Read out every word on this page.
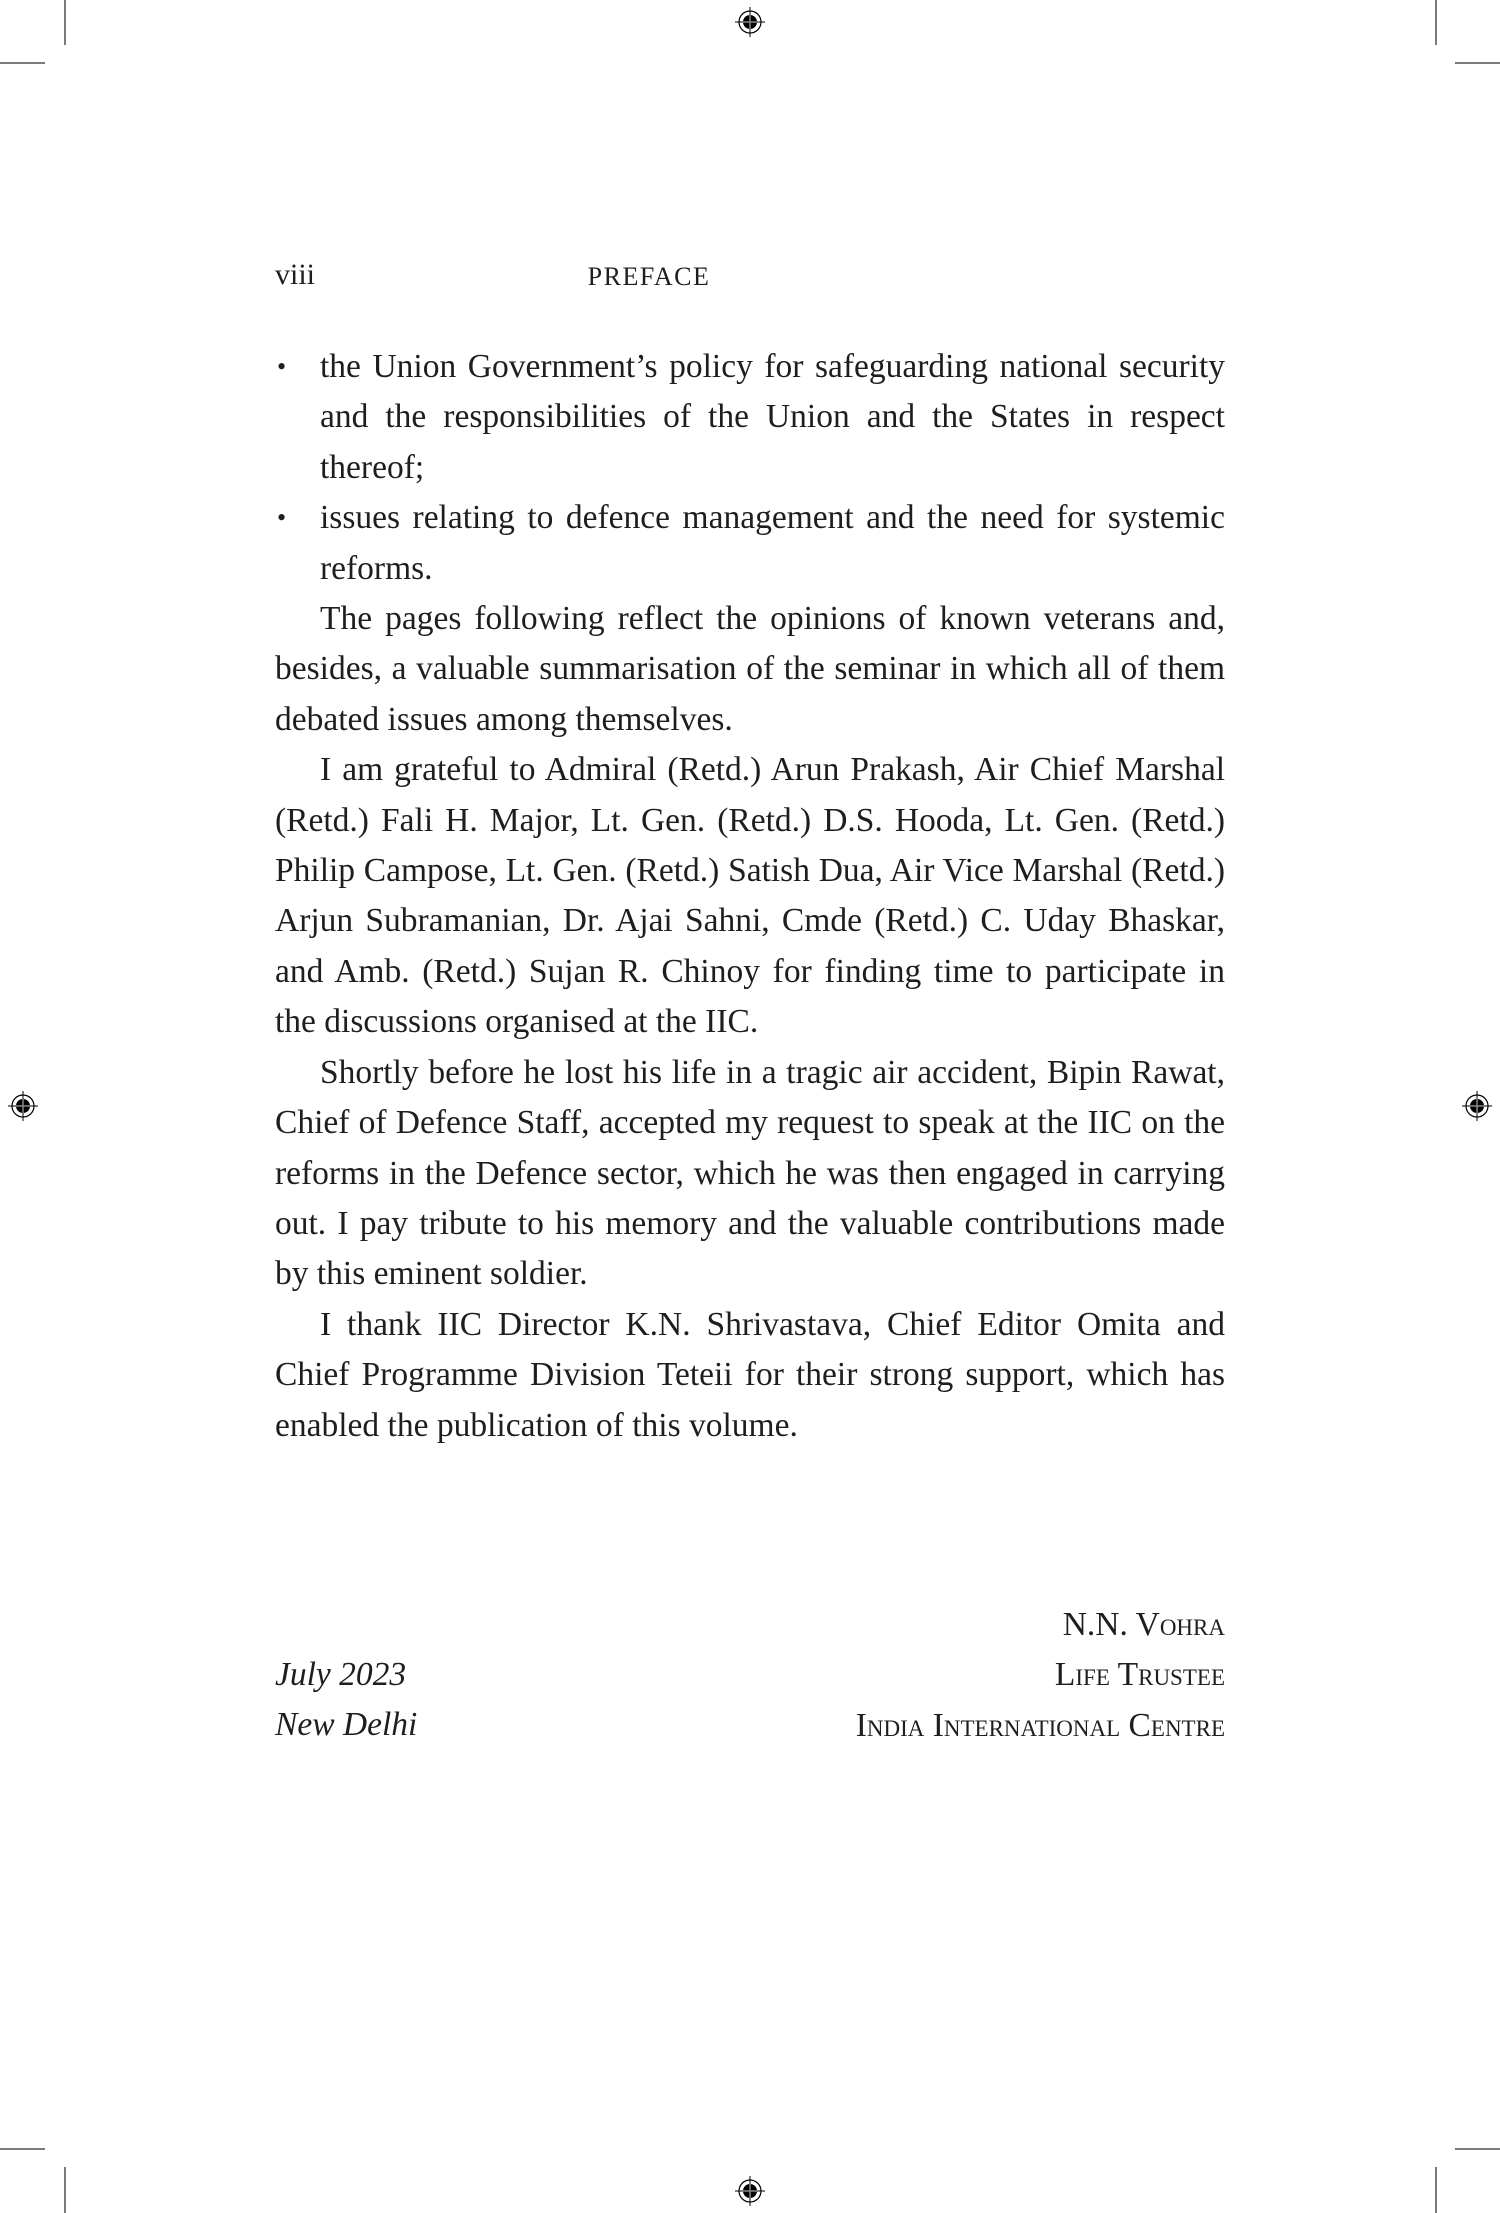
viii	PREFACE
• the Union Government’s policy for safeguarding national security and the responsibilities of the Union and the States in respect thereof;
• issues relating to defence management and the need for systemic reforms.

The pages following reflect the opinions of known veterans and, besides, a valuable summarisation of the seminar in which all of them debated issues among themselves.

I am grateful to Admiral (Retd.) Arun Prakash, Air Chief Marshal (Retd.) Fali H. Major, Lt. Gen. (Retd.) D.S. Hooda, Lt. Gen. (Retd.) Philip Campose, Lt. Gen. (Retd.) Satish Dua, Air Vice Marshal (Retd.) Arjun Subramanian, Dr. Ajai Sahni, Cmde (Retd.) C. Uday Bhaskar, and Amb. (Retd.) Sujan R. Chinoy for finding time to participate in the discussions organised at the IIC.

Shortly before he lost his life in a tragic air accident, Bipin Rawat, Chief of Defence Staff, accepted my request to speak at the IIC on the reforms in the Defence sector, which he was then engaged in carrying out. I pay tribute to his memory and the valuable contributions made by this eminent soldier.

I thank IIC Director K.N. Shrivastava, Chief Editor Omita and Chief Programme Division Teteii for their strong support, which has enabled the publication of this volume.

July 2023
New Delhi
N.N. Vohra
Life Trustee
India International Centre
